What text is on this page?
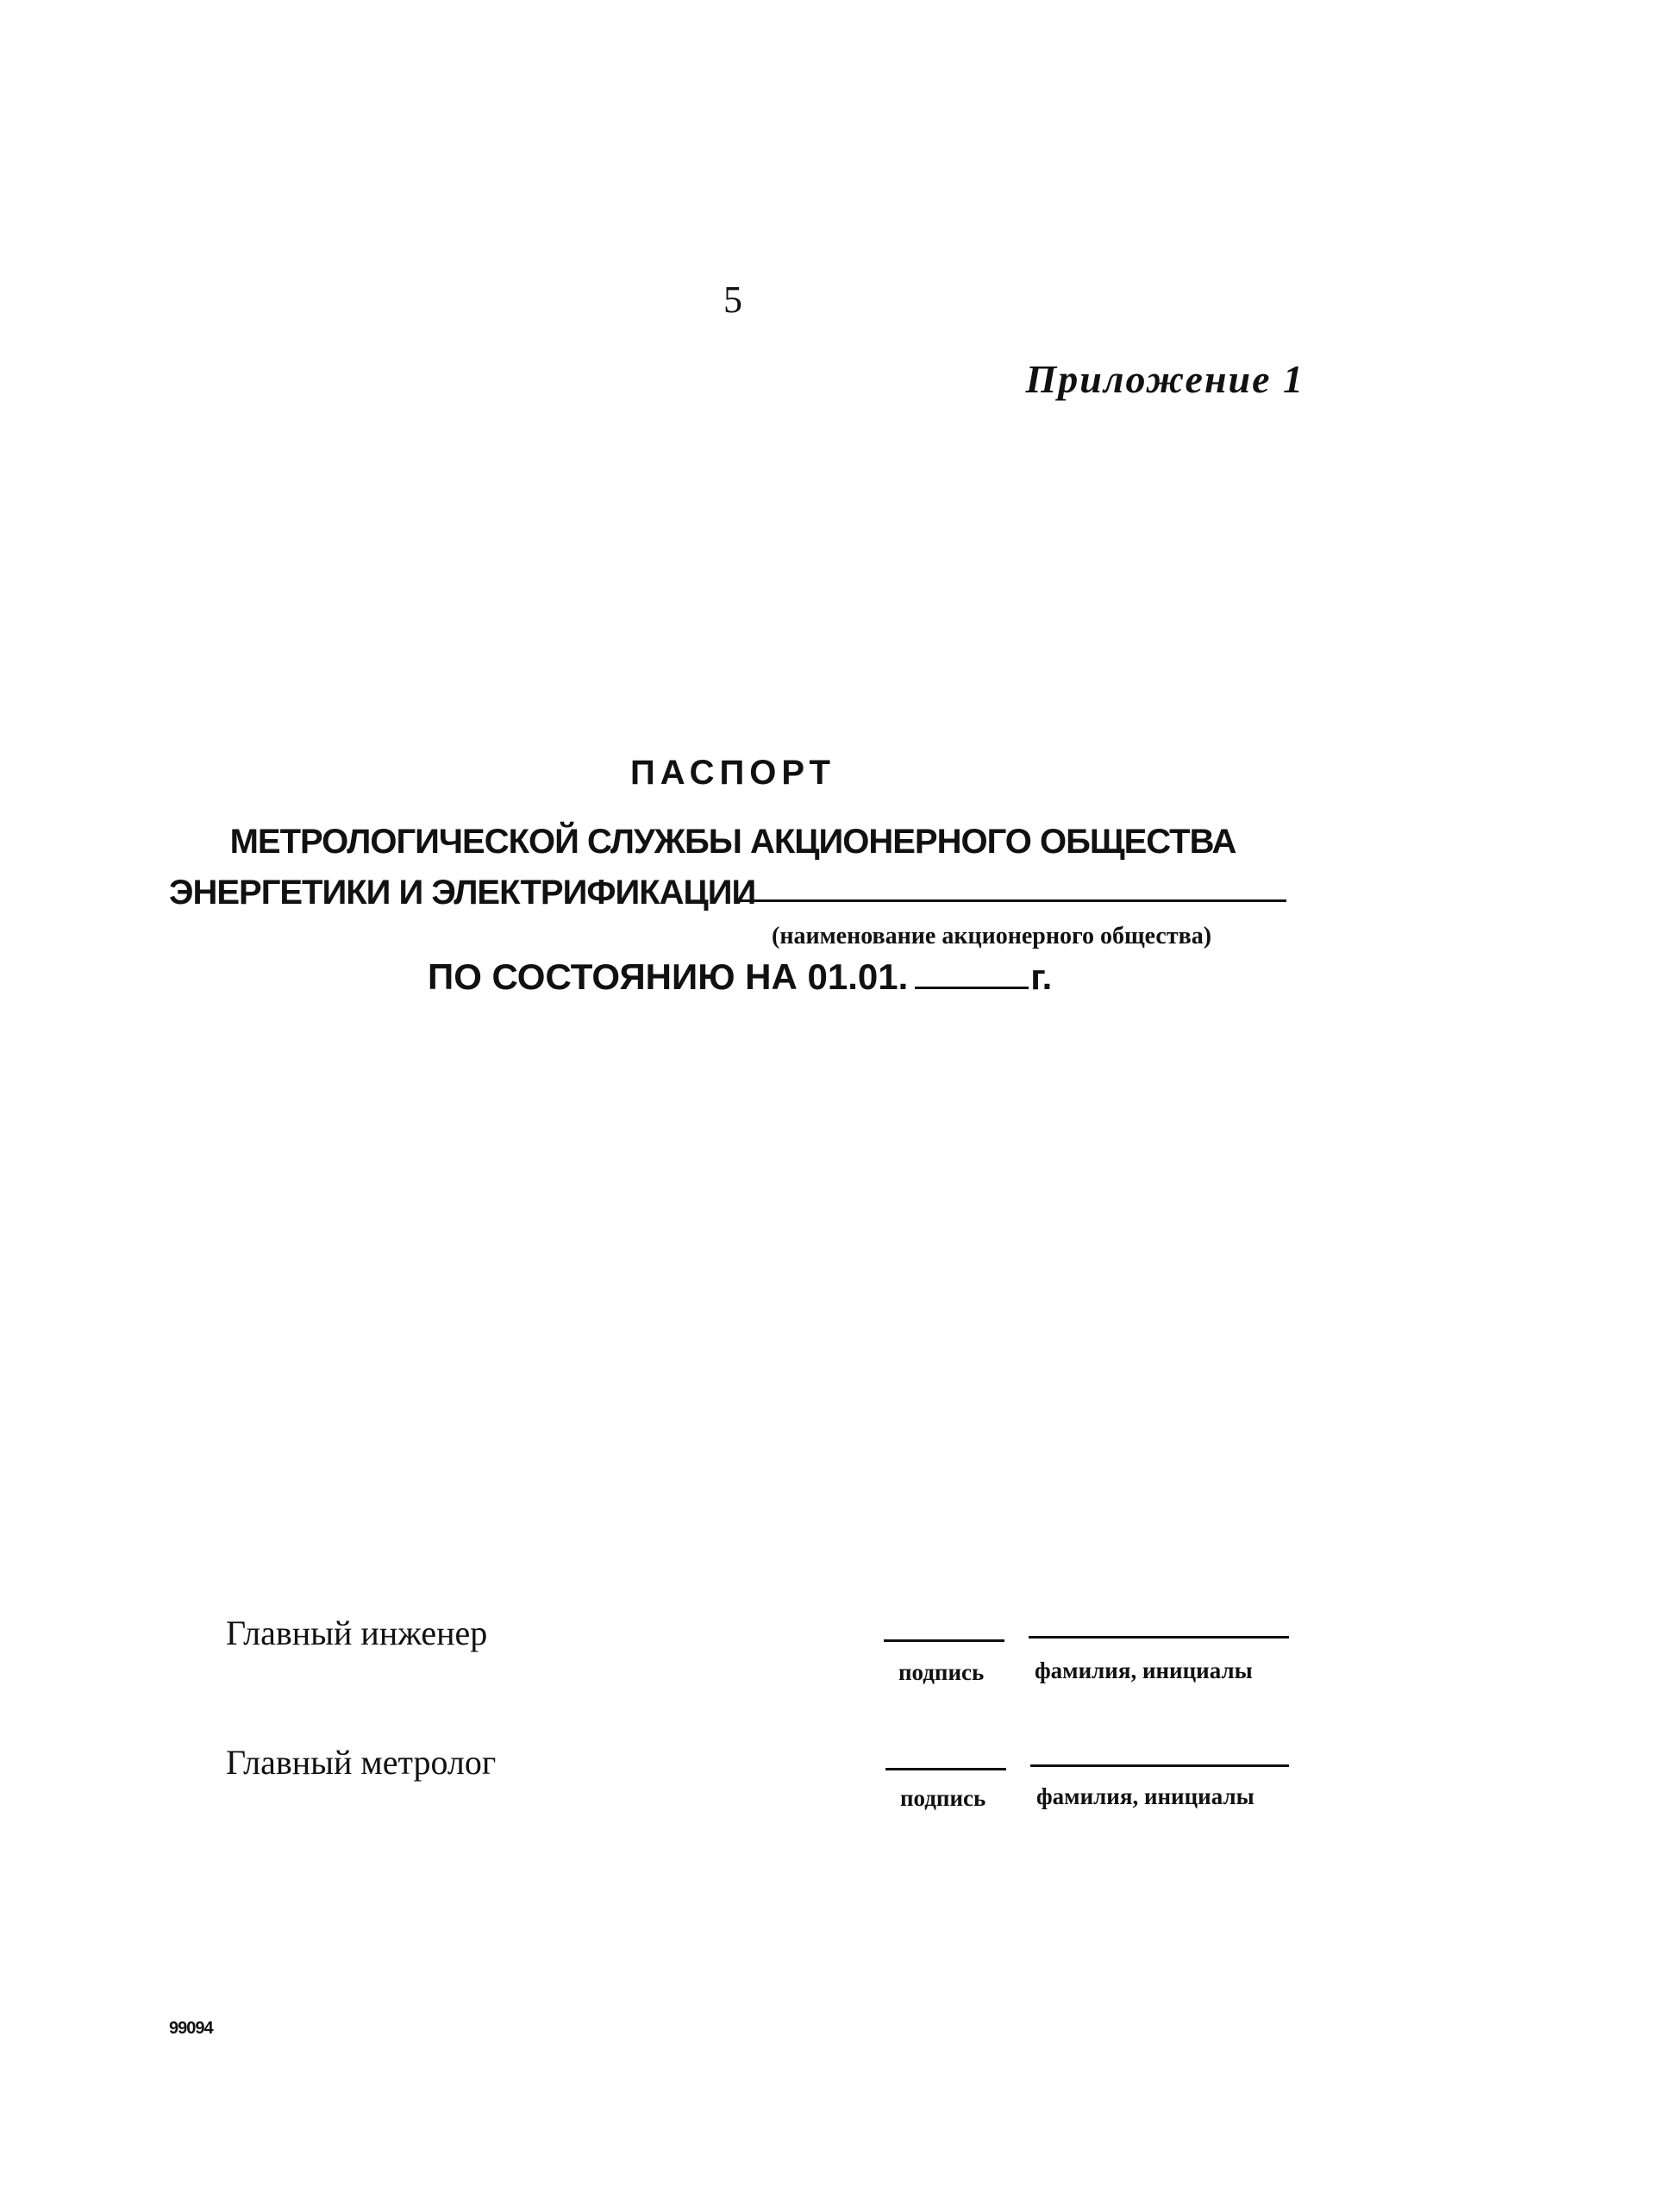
5
Приложение 1
ПАСПОРТ
МЕТРОЛОГИЧЕСКОЙ СЛУЖБЫ АКЦИОНЕРНОГО ОБЩЕСТВА
ЭНЕРГЕТИКИ И ЭЛЕКТРИФИКАЦИИ
(наименование акционерного общества)
ПО СОСТОЯНИЮ НА 01.01.	г.
Главный инженер
подпись фамилия, инициалы
Главный метролог
подпись фамилия, инициалы
99094
